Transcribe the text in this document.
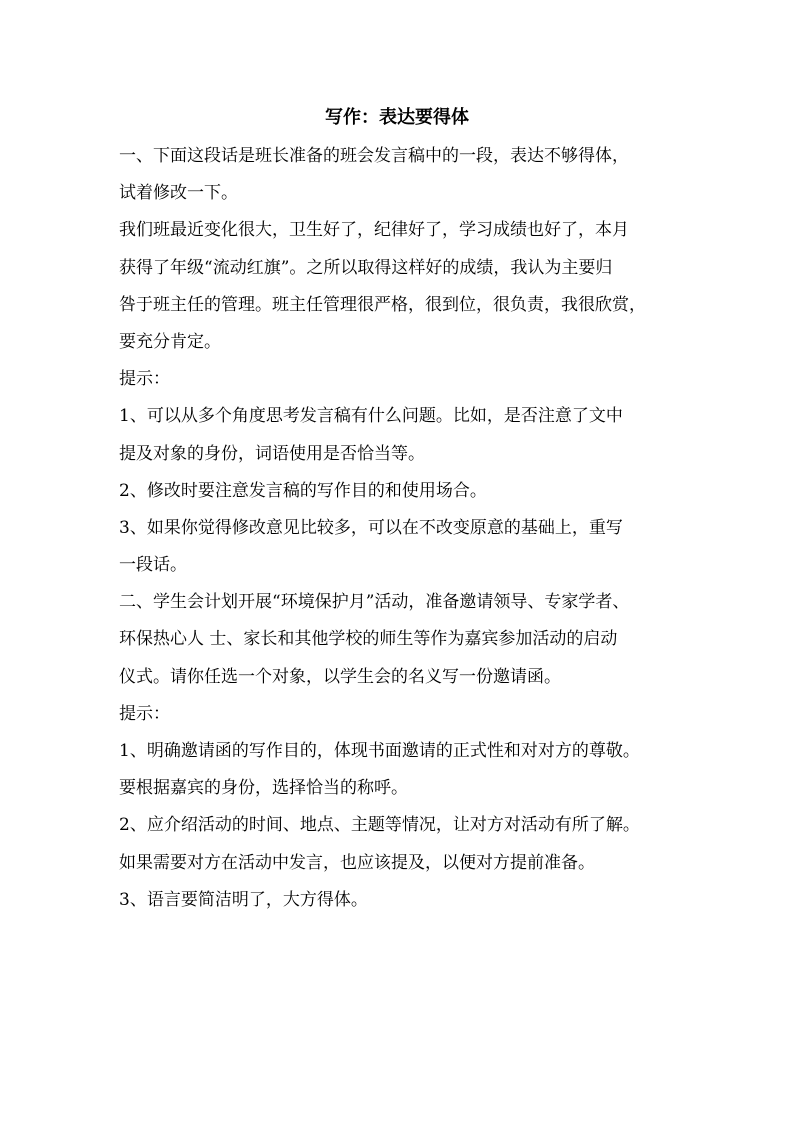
写作：表达要得体
一、下面这段话是班长准备的班会发言稿中的一段，表达不够得体，
试着修改一下。
我们班最近变化很大，卫生好了，纪律好了，学习成绩也好了，本月
获得了年级“流动红旗”。之所以取得这样好的成绩，我认为主要归
咎于班主任的管理。班主任管理很严格，很到位，很负责，我很欣赏，
要充分肯定。
提示：
1、可以从多个角度思考发言稿有什么问题。比如，是否注意了文中
提及对象的身份，词语使用是否恰当等。
2、修改时要注意发言稿的写作目的和使用场合。
3、如果你觉得修改意见比较多，可以在不改变原意的基础上，重写
一段话。
二、学生会计划开展“环境保护月”活动，准备邀请领导、专家学者、
环保热心人 士、家长和其他学校的师生等作为嘉宾参加活动的启动
仪式。请你任选一个对象，以学生会的名义写一份邀请函。
提示：
1、明确邀请函的写作目的，体现书面邀请的正式性和对对方的尊敬。
要根据嘉宾的身份，选择恰当的称呼。
2、应介绍活动的时间、地点、主题等情况，让对方对活动有所了解。
如果需要对方在活动中发言，也应该提及，以便对方提前准备。
3、语言要简洁明了，大方得体。
